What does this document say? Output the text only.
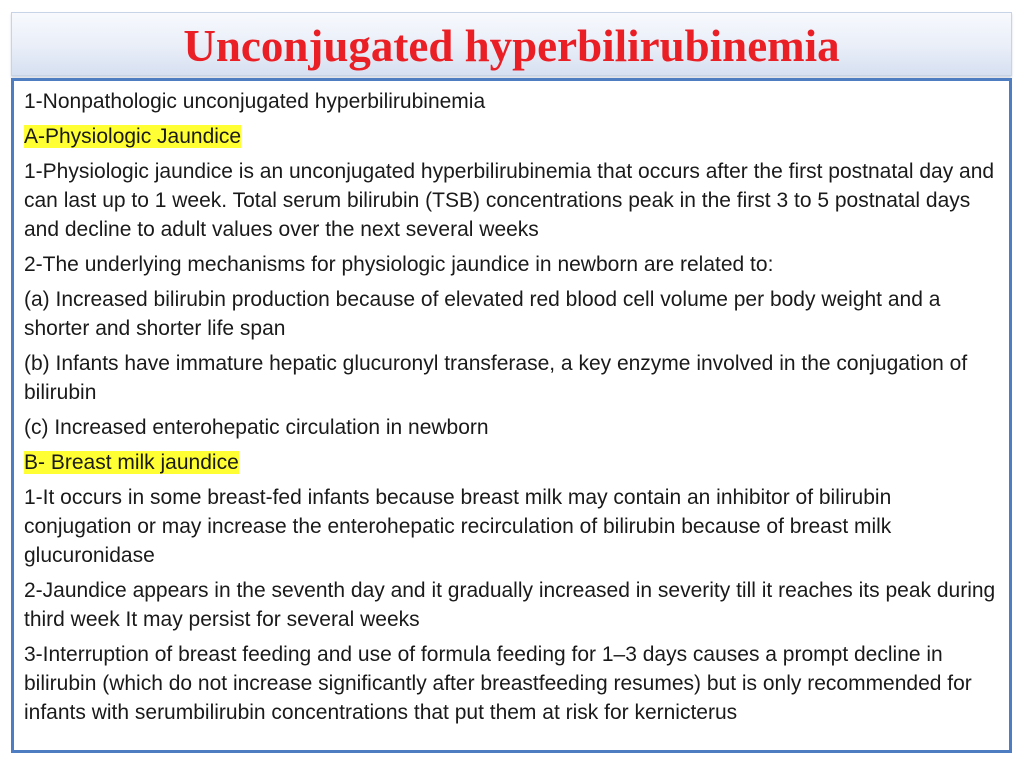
Unconjugated hyperbilirubinemia

1-Nonpathologic unconjugated hyperbilirubinemia

A-Physiologic Jaundice

1-Physiologic jaundice is an unconjugated hyperbilirubinemia that occurs after the first postnatal day and can last up to 1 week. Total serum bilirubin (TSB) concentrations peak in the first 3 to 5 postnatal days and decline to adult values over the next several weeks

2-The underlying mechanisms for physiologic jaundice in newborn are related to:

(a) Increased bilirubin production because of elevated red blood cell volume per body weight and a shorter and shorter life span

(b) Infants have immature hepatic glucuronyl transferase, a key enzyme involved in the conjugation of bilirubin

(c) Increased enterohepatic circulation in newborn

B- Breast milk jaundice

1-It occurs in some breast-fed infants because breast milk may contain an inhibitor of bilirubin conjugation or may increase the enterohepatic recirculation of bilirubin because of breast milk glucuronidase

2-Jaundice appears in the seventh day and it gradually increased in severity till it reaches its peak during third week It may persist for several weeks

3-Interruption of breast feeding and use of formula feeding for 1–3 days causes a prompt decline in bilirubin (which do not increase significantly after breastfeeding resumes) but is only recommended for infants with serumbilirubin concentrations that put them at risk for kernicterus
